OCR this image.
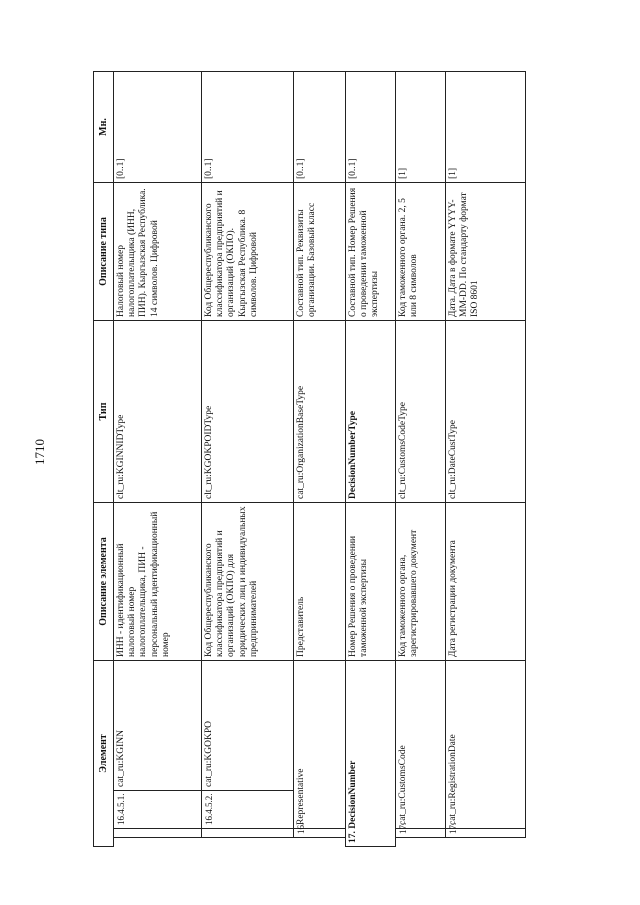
1710
Элемент				Описание элемента	Тип	Описание типа	Мн.
		16.4.5.1.	cat_ru:KGINN	ИНН - идентификационный налоговый номер налогоплательщика, ПИН - персональный идентификационный номер	clt_ru:KGINNIDType	Налоговый номер налогоплательщика (ИНН, ПИН). Кыргызская Республика. 14 символов. Цифровой	[0..1]
		16.4.5.2.	cat_ru:KGOKPO	Код Общереспубликанского классификатора предприятий и организаций (ОКПО) для юридических лиц и индивидуальных предпринимателей	clt_ru:KGOKPOIDType	Код Общереспубликанского классификатора предприятий и организаций (ОКПО). Кыргызская Республика. 8 символов. Цифровой	[0..1]
	16.	Representative		Представитель	cat_ru:OrganizationBaseType	Составной тип. Реквизиты организации. Базовый класс	[0..1]
17. DecisionNumber				Номер Решения о проведении таможенной экспертизы	DecisionNumberType	Составной тип. Номер Решения о проведении таможенной экспертизы	[0..1]
	17.	cat_ru:CustomsCode		Код таможенного органа, зарегистрировавшего документ	clt_ru:CustomsCodeType	Код таможенного органа. 2, 5 или 8 символов	[1]
	17.	cat_ru:RegistrationDate		Дата регистрации документа	clt_ru:DateCustType	Дата. Дата в формате YYYY-MM-DD. По стандарту формат ISO 8601	[1]
